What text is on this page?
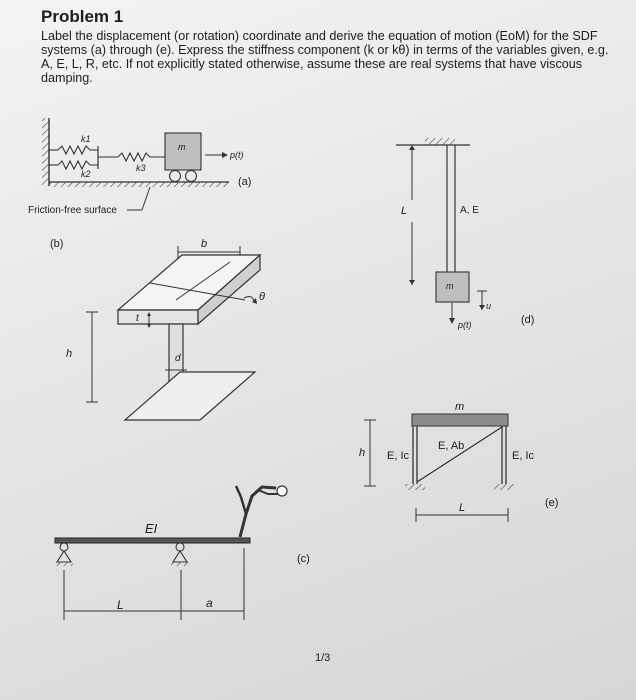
Problem 1
Label the displacement (or rotation) coordinate and derive the equation of motion (EoM) for the SDF systems (a) through (e). Express the stiffness component (k or kθ) in terms of the variables given, e.g. A, E, L, R, etc. If not explicitly stated otherwise, assume these are real systems that have viscous damping.
k1
k2
k3
m
p(t)
(a)
Friction-free surface	L	A, E
m
u
p(t)	(d)
(b)	b
t
h	d
θ
m
h E, Ic
E, Ab
E, Ic
L	(e)
EI
(c)
L	a
1/3
